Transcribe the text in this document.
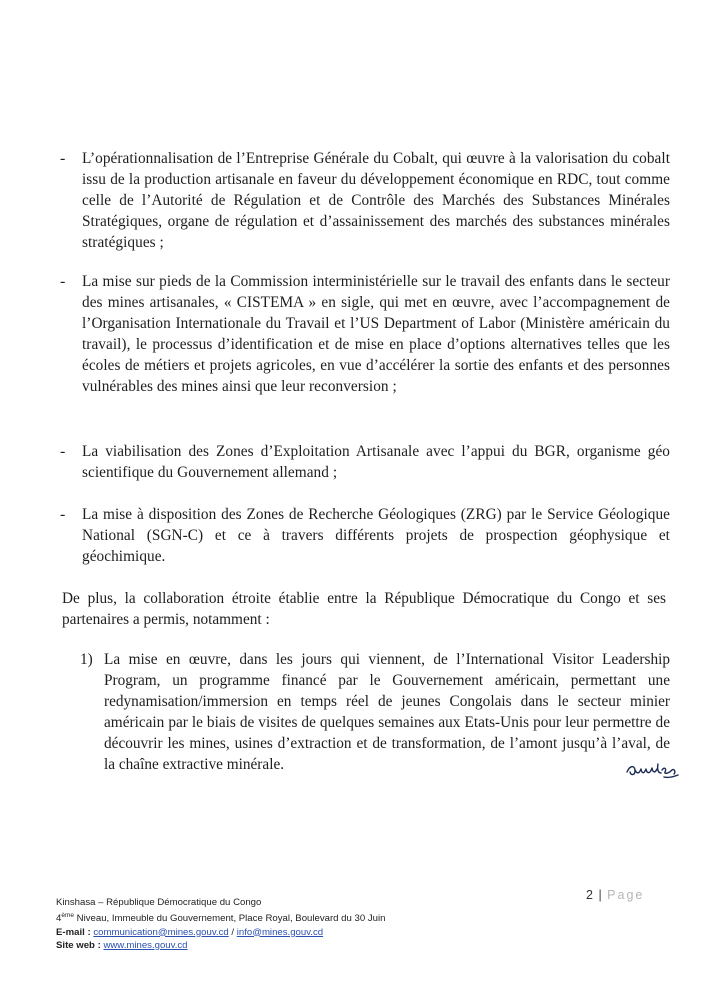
- L’opérationnalisation de l’Entreprise Générale du Cobalt, qui œuvre à la valorisation du cobalt issu de la production artisanale en faveur du développement économique en RDC, tout comme celle de l’Autorité de Régulation et de Contrôle des Marchés des Substances Minérales Stratégiques, organe de régulation et d’assainissement des marchés des substances minérales stratégiques ;
- La mise sur pieds de la Commission interministérielle sur le travail des enfants dans le secteur des mines artisanales, « CISTEMA » en sigle, qui met en œuvre, avec l’accompagnement de l’Organisation Internationale du Travail et l’US Department of Labor (Ministère américain du travail), le processus d’identification et de mise en place d’options alternatives telles que les écoles de métiers et projets agricoles, en vue d’accélérer la sortie des enfants et des personnes vulnérables des mines ainsi que leur reconversion ;
- La viabilisation des Zones d’Exploitation Artisanale avec l’appui du BGR, organisme géo scientifique du Gouvernement allemand ;
- La mise à disposition des Zones de Recherche Géologiques (ZRG) par le Service Géologique National (SGN-C) et ce à travers différents projets de prospection géophysique et géochimique.
De plus, la collaboration étroite établie entre la République Démocratique du Congo et ses partenaires a permis, notamment :
1) La mise en œuvre, dans les jours qui viennent, de l’International Visitor Leadership Program, un programme financé par le Gouvernement américain, permettant une redynamisation/immersion en temps réel de jeunes Congolais dans le secteur minier américain par le biais de visites de quelques semaines aux Etats-Unis pour leur permettre de découvrir les mines, usines d’extraction et de transformation, de l’amont jusqu’à l’aval, de la chaîne extractive minérale.
2 | Page
Kinshasa – République Démocratique du Congo
4ème Niveau, Immeuble du Gouvernement, Place Royal, Boulevard du 30 Juin
E-mail : communication@mines.gouv.cd / info@mines.gouv.cd
Site web : www.mines.gouv.cd
